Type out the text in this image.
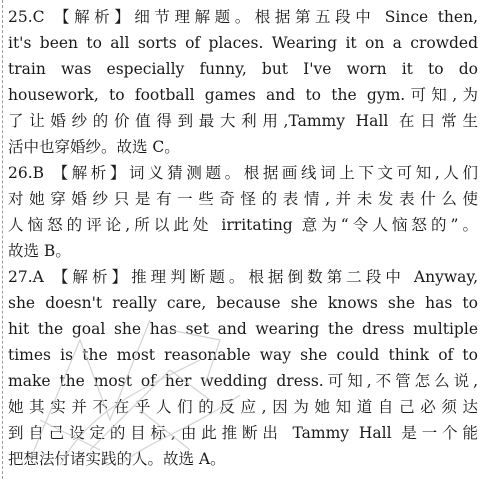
25.C 【解析】细节理解题。根据第五段中 Since then,
it's been to all sorts of places. Wearing it on a crowded
train was especially funny, but I've worn it to do
housework, to football games and to the gym.可知,为
了让婚纱的价值得到最大利用,Tammy Hall 在日常生
活中也穿婚纱。故选 C。
26.B 【解析】词义猜测题。根据画线词上下文可知,人们
对她穿婚纱只是有一些奇怪的表情,并未发表什么使
人恼怒的评论,所以此处 irritating 意为“令人恼怒的”。
故选 B。
27.A 【解析】推理判断题。根据倒数第二段中 Anyway,
she doesn't really care, because she knows she has to
hit the goal she has set and wearing the dress multiple
times is the most reasonable way she could think of to
make the most of her wedding dress.可知,不管怎么说,
她其实并不在乎人们的反应,因为她知道自己必须达
到自己设定的目标,由此推断出 Tammy Hall 是一个能
把想法付诸实践的人。故选 A。
